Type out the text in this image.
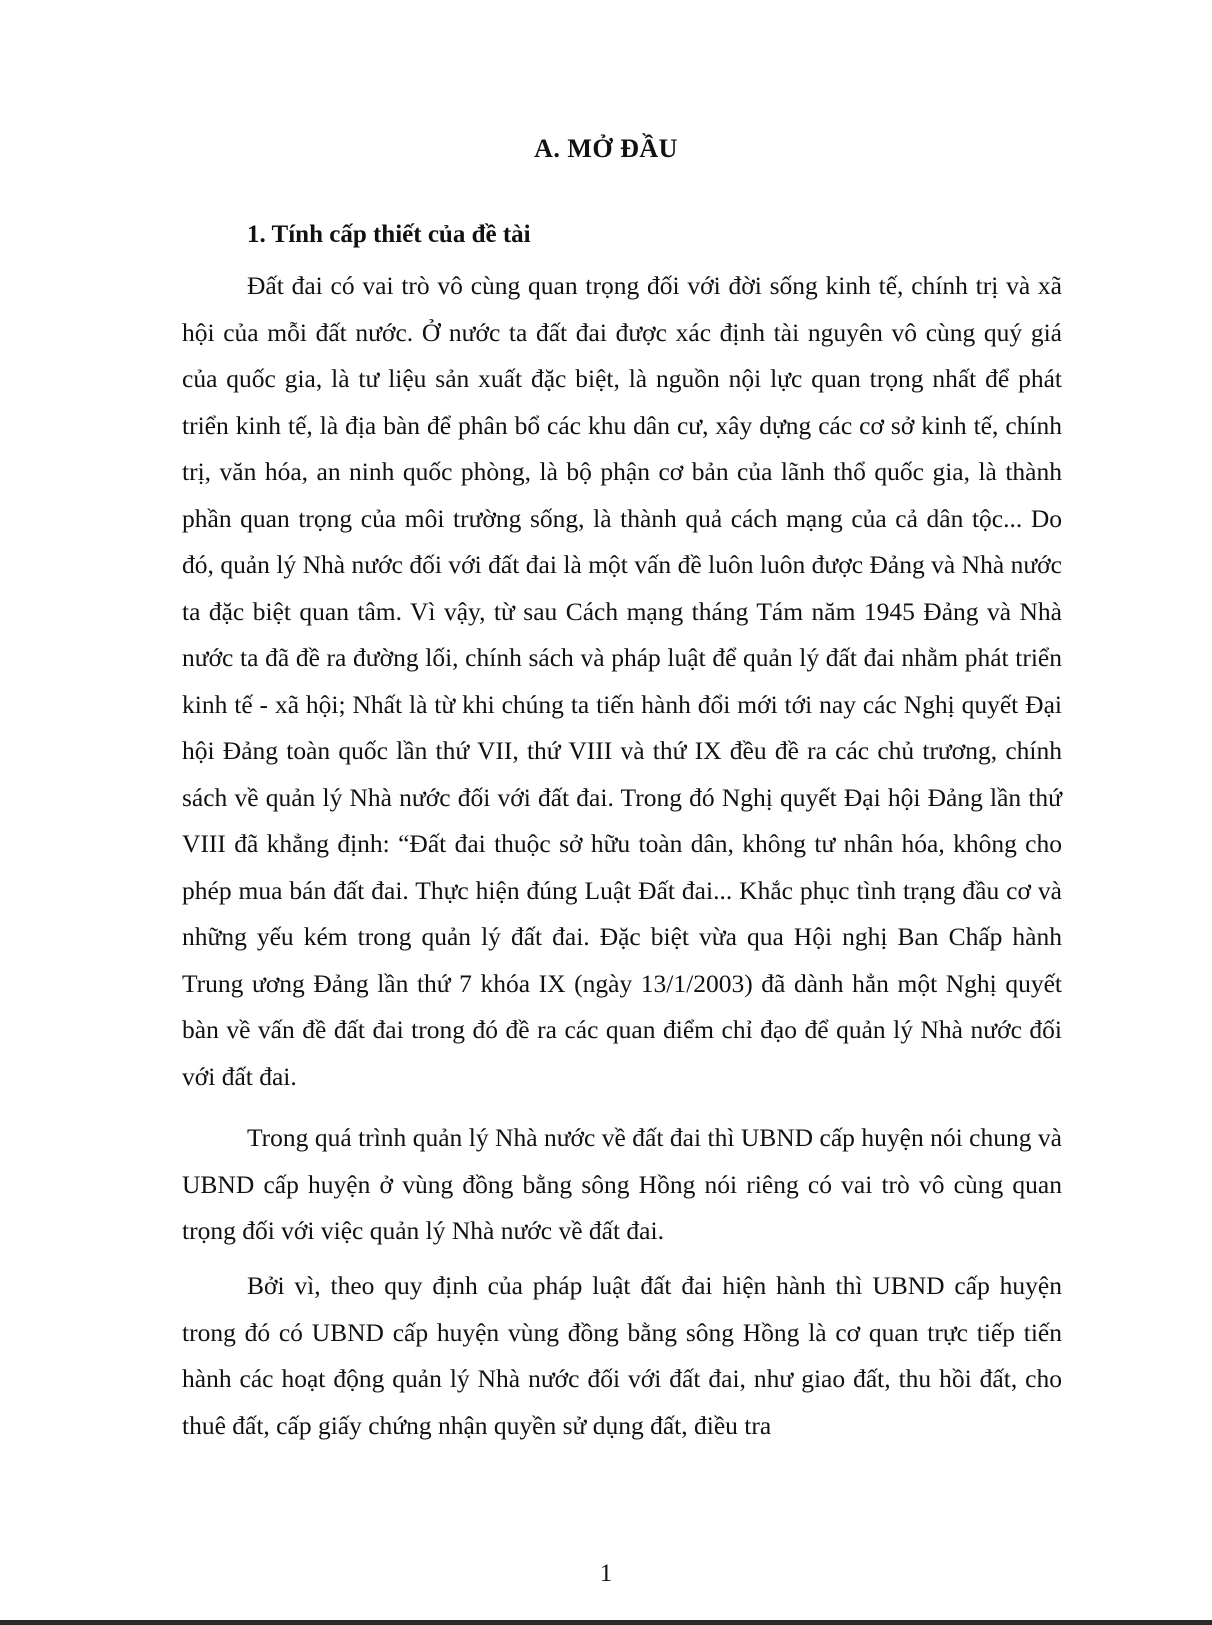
A. MỞ ĐẦU
1. Tính cấp thiết của đề tài

Đất đai có vai trò vô cùng quan trọng đối với đời sống kinh tế, chính trị và xã hội của mỗi đất nước. Ở nước ta đất đai được xác định tài nguyên vô cùng quý giá của quốc gia, là tư liệu sản xuất đặc biệt, là nguồn nội lực quan trọng nhất để phát triển kinh tế, là địa bàn để phân bổ các khu dân cư, xây dựng các cơ sở kinh tế, chính trị, văn hóa, an ninh quốc phòng, là bộ phận cơ bản của lãnh thổ quốc gia, là thành phần quan trọng của môi trường sống, là thành quả cách mạng của cả dân tộc... Do đó, quản lý Nhà nước đối với đất đai là một vấn đề luôn luôn được Đảng và Nhà nước ta đặc biệt quan tâm. Vì vậy, từ sau Cách mạng tháng Tám năm 1945 Đảng và Nhà nước ta đã đề ra đường lối, chính sách và pháp luật để quản lý đất đai nhằm phát triển kinh tế - xã hội; Nhất là từ khi chúng ta tiến hành đổi mới tới nay các Nghị quyết Đại hội Đảng toàn quốc lần thứ VII, thứ VIII và thứ IX đều đề ra các chủ trương, chính sách về quản lý Nhà nước đối với đất đai. Trong đó Nghị quyết Đại hội Đảng lần thứ VIII đã khẳng định: “Đất đai thuộc sở hữu toàn dân, không tư nhân hóa, không cho phép mua bán đất đai. Thực hiện đúng Luật Đất đai... Khắc phục tình trạng đầu cơ và những yếu kém trong quản lý đất đai. Đặc biệt vừa qua Hội nghị Ban Chấp hành Trung ương Đảng lần thứ 7 khóa IX (ngày 13/1/2003) đã dành hẳn một Nghị quyết bàn về vấn đề đất đai trong đó đề ra các quan điểm chỉ đạo để quản lý Nhà nước đối với đất đai.

Trong quá trình quản lý Nhà nước về đất đai thì UBND cấp huyện nói chung và UBND cấp huyện ở vùng đồng bằng sông Hồng nói riêng có vai trò vô cùng quan trọng đối với việc quản lý Nhà nước về đất đai.

Bởi vì, theo quy định của pháp luật đất đai hiện hành thì UBND cấp huyện trong đó có UBND cấp huyện vùng đồng bằng sông Hồng là cơ quan trực tiếp tiến hành các hoạt động quản lý Nhà nước đối với đất đai, như giao đất, thu hồi đất, cho thuê đất, cấp giấy chứng nhận quyền sử dụng đất, điều tra

1
